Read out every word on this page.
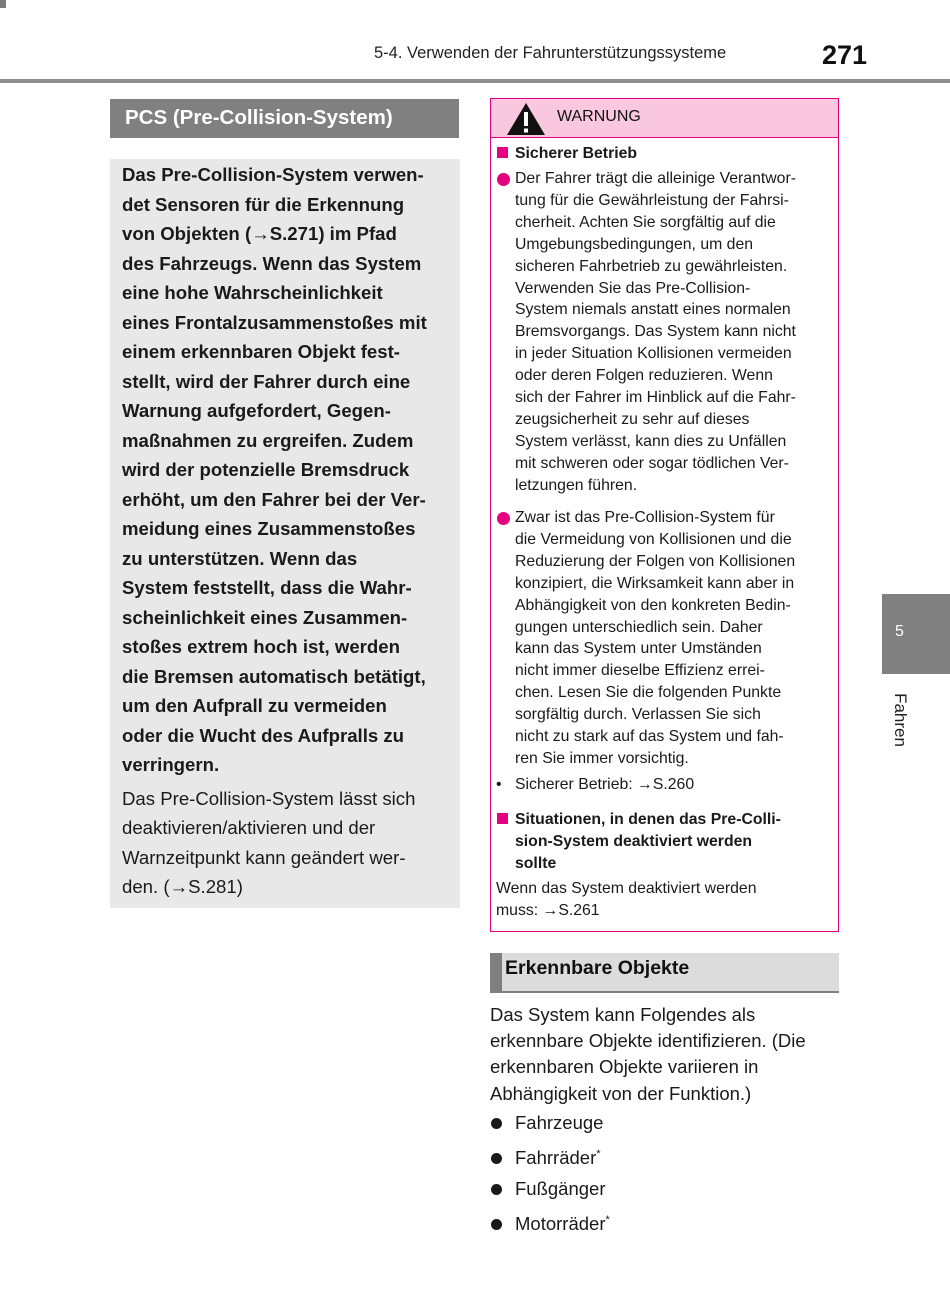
5-4. Verwenden der Fahrunterstützungssysteme	271
PCS (Pre-Collision-System)
Das Pre-Collision-System verwen-
det Sensoren für die Erkennung
von Objekten (→S.271) im Pfad
des Fahrzeugs. Wenn das System
eine hohe Wahrscheinlichkeit
eines Frontalzusammenstoßes mit
einem erkennbaren Objekt fest-
stellt, wird der Fahrer durch eine
Warnung aufgefordert, Gegen-
maßnahmen zu ergreifen. Zudem
wird der potenzielle Bremsdruck
erhöht, um den Fahrer bei der Ver-
meidung eines Zusammenstoßes
zu unterstützen. Wenn das
System feststellt, dass die Wahr-
scheinlichkeit eines Zusammen-
stoßes extrem hoch ist, werden
die Bremsen automatisch betätigt,
um den Aufprall zu vermeiden
oder die Wucht des Aufpralls zu
verringern.
Das Pre-Collision-System lässt sich
deaktivieren/aktivieren und der
Warnzeitpunkt kann geändert wer-
den. (→S.281)
WARNUNG
Sicherer Betrieb
Der Fahrer trägt die alleinige Verantwor-
tung für die Gewährleistung der Fahrsi-
cherheit. Achten Sie sorgfältig auf die
Umgebungsbedingungen, um den
sicheren Fahrbetrieb zu gewährleisten.
Verwenden Sie das Pre-Collision-
System niemals anstatt eines normalen
Bremsvorgangs. Das System kann nicht
in jeder Situation Kollisionen vermeiden
oder deren Folgen reduzieren. Wenn
sich der Fahrer im Hinblick auf die Fahr-
zeugsicherheit zu sehr auf dieses
System verlässt, kann dies zu Unfällen
mit schweren oder sogar tödlichen Ver-
letzungen führen.
Zwar ist das Pre-Collision-System für
die Vermeidung von Kollisionen und die
Reduzierung der Folgen von Kollisionen
konzipiert, die Wirksamkeit kann aber in
Abhängigkeit von den konkreten Bedin-
gungen unterschiedlich sein. Daher
kann das System unter Umständen
nicht immer dieselbe Effizienz errei-
chen. Lesen Sie die folgenden Punkte
sorgfältig durch. Verlassen Sie sich
nicht zu stark auf das System und fah-
ren Sie immer vorsichtig.
• Sicherer Betrieb: →S.260
Situationen, in denen das Pre-Colli-
sion-System deaktiviert werden
sollte
Wenn das System deaktiviert werden
muss: →S.261
Erkennbare Objekte
Das System kann Folgendes als
erkennbare Objekte identifizieren. (Die
erkennbaren Objekte variieren in
Abhängigkeit von der Funktion.)
Fahrzeuge
Fahrräder*
Fußgänger
Motorräder*
5
Fahren
